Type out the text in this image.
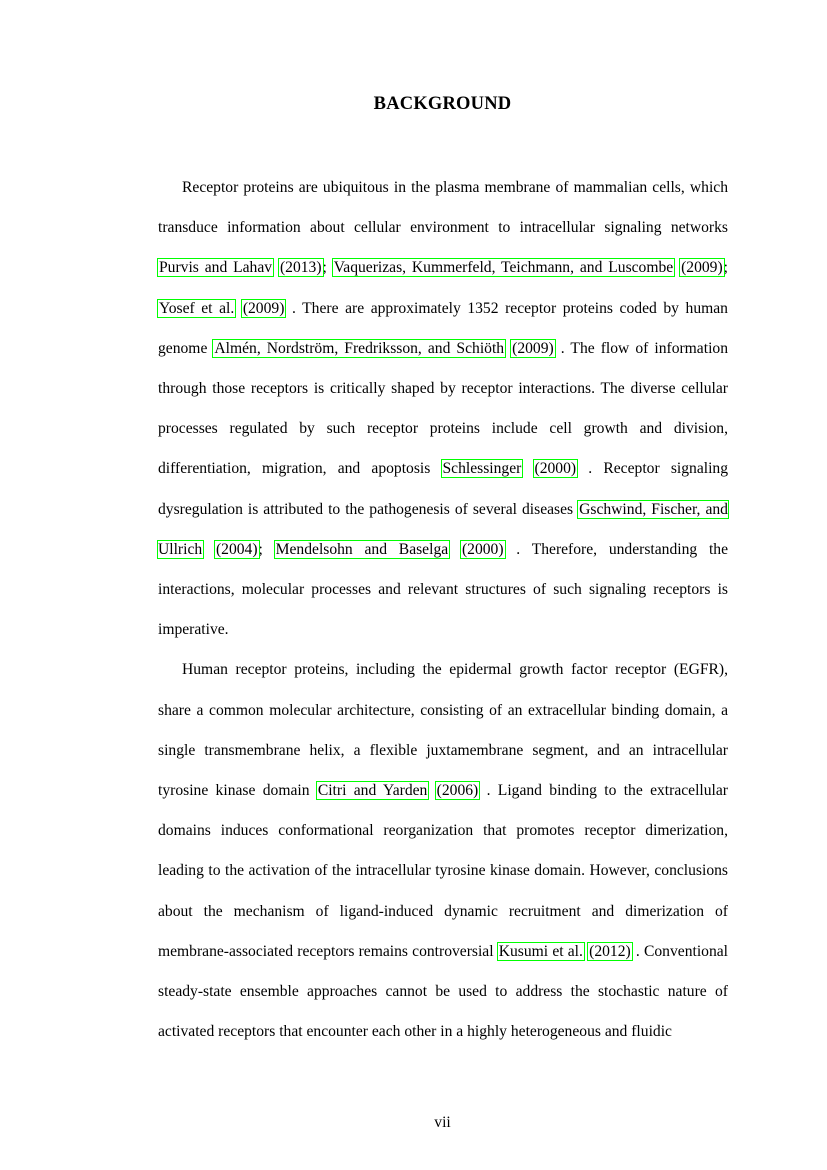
BACKGROUND

Receptor proteins are ubiquitous in the plasma membrane of mammalian cells, which transduce information about cellular environment to intracellular signaling networks Purvis and Lahav (2013); Vaquerizas, Kummerfeld, Teichmann, and Luscombe (2009); Yosef et al. (2009) . There are approximately 1352 receptor proteins coded by human genome Almén, Nordström, Fredriksson, and Schiöth (2009) . The flow of information through those receptors is critically shaped by receptor interactions. The diverse cellular processes regulated by such receptor proteins include cell growth and division, differentiation, migration, and apoptosis Schlessinger (2000) . Receptor signaling dysregulation is attributed to the pathogenesis of several diseases Gschwind, Fischer, and Ullrich (2004); Mendelsohn and Baselga (2000) . Therefore, understanding the interactions, molecular processes and relevant structures of such signaling receptors is imperative.

Human receptor proteins, including the epidermal growth factor receptor (EGFR), share a common molecular architecture, consisting of an extracellular binding domain, a single transmembrane helix, a flexible juxtamembrane segment, and an intracellular tyrosine kinase domain Citri and Yarden (2006) . Ligand binding to the extracellular domains induces conformational reorganization that promotes receptor dimerization, leading to the activation of the intracellular tyrosine kinase domain. However, conclusions about the mechanism of ligand-induced dynamic recruitment and dimerization of membrane-associated receptors remains controversial Kusumi et al. (2012) . Conventional steady-state ensemble approaches cannot be used to address the stochastic nature of activated receptors that encounter each other in a highly heterogeneous and fluidic

vii
